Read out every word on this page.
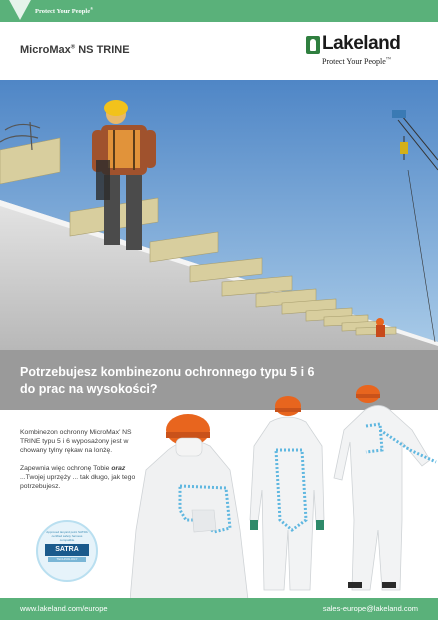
Protect Your People®
MicroMax® NS TRINE	Lakeland
Protect Your People™
Potrzebujesz kombinezonu ochronnego typu 5 i 6 do prac na wysokości?

Kombinezon ochronny MicroMax’ NS TRINE typu 5 i 6 wyposażony jest w chowany tylny rękaw na lonżę.

Zapewnia więc ochronę Tobie oraz ...Twojej uprzęży ... tak długo, jak tego potrzebujesz.

Approved lanyard point SATRA certified safety harness compatible
SATRA
TECHNOLOGY
www.lakeland.com/europe	sales-europe@lakeland.com
